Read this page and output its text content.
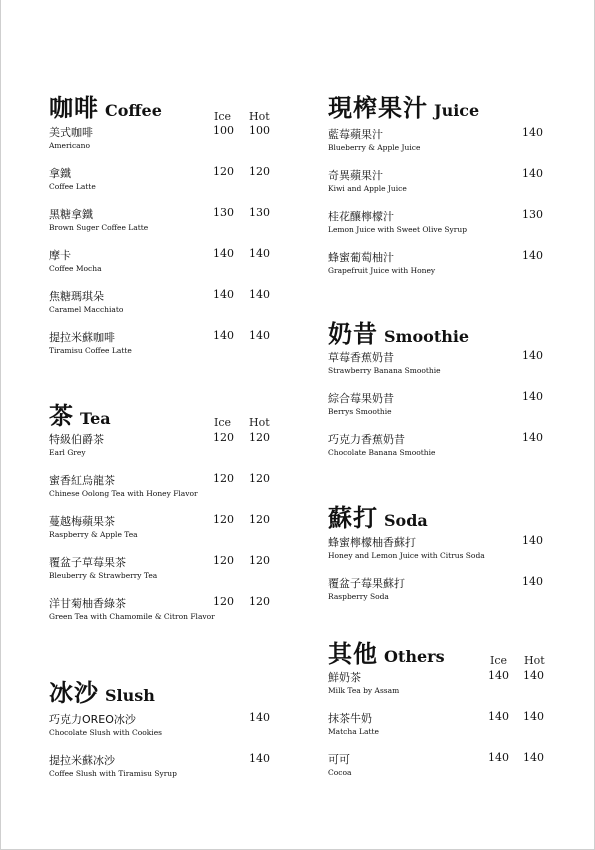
咖啡 Coffee	Ice Hot
美式咖啡
Americano
100 100
拿鐵
Coffee Latte
120 120
黑糖拿鐵
Brown Suger Coffee Latte
130 130
摩卡
Coffee Mocha
140 140
焦糖瑪琪朵
Caramel Macchiato
140 140
提拉米蘇咖啡
Tiramisu Coffee Latte
140 140
茶 Tea	Ice Hot
特級伯爵茶
Earl Grey
120 120
蜜香紅烏龍茶
Chinese Oolong Tea with Honey Flavor
120 120
蔓越梅蘋果茶
Raspberry & Apple Tea
120 120
覆盆子草莓果茶
Bleuberry & Strawberry Tea
120 120
洋甘菊柚香綠茶
Green Tea with Chamomile & Citron Flavor
120 120
冰沙 Slush
巧克力OREO冰沙
Chocolate Slush with Cookies
140
提拉米蘇冰沙
Coffee Slush with Tiramisu Syrup
140
現榨果汁 Juice
藍莓蘋果汁
Blueberry & Apple Juice
140
奇異蘋果汁
Kiwi and Apple Juice
140
桂花釀檸檬汁
Lemon Juice with Sweet Olive Syrup
130
蜂蜜葡萄柚汁
Grapefruit Juice with Honey
140
奶昔 Smoothie
草莓香蕉奶昔
Strawberry Banana Smoothie
140
綜合莓果奶昔
Berrys Smoothie
140
巧克力香蕉奶昔
Chocolate Banana Smoothie
140
蘇打 Soda
蜂蜜檸檬柚香蘇打
Honey and Lemon Juice with Citrus Soda
140
覆盆子莓果蘇打
Raspberry Soda
140
其他 Others	Ice Hot
鮮奶茶
Milk Tea by Assam
140 140
抹茶牛奶
Matcha Latte
140 140
可可
Cocoa
140 140
